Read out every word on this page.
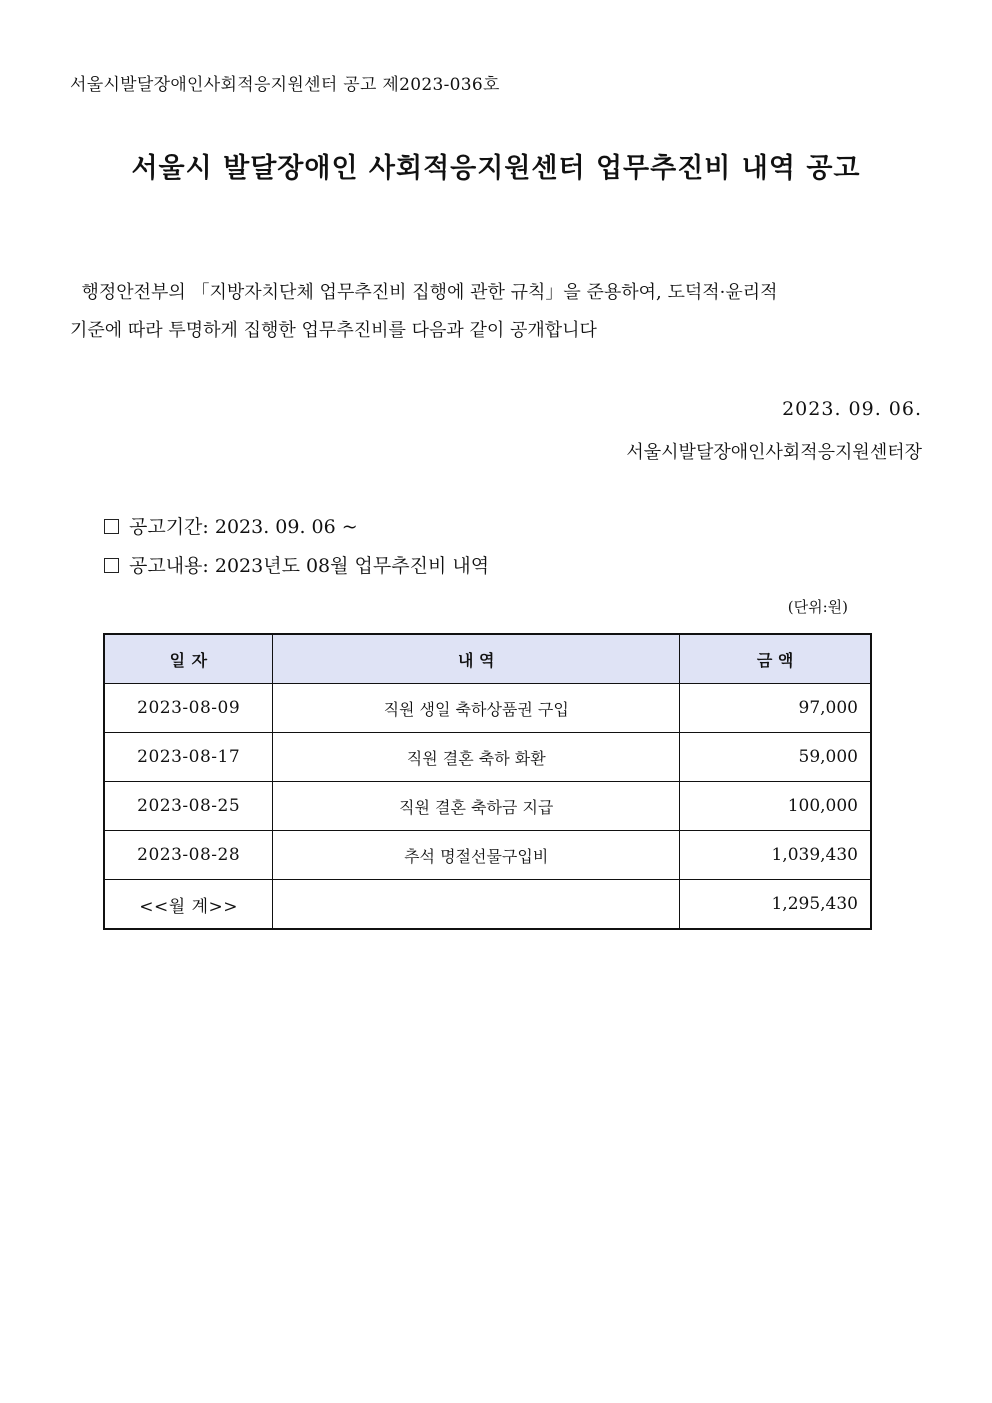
서울시발달장애인사회적응지원센터 공고 제2023-036호
서울시 발달장애인 사회적응지원센터 업무추진비 내역 공고
행정안전부의 「지방자치단체 업무추진비 집행에 관한 규칙」을 준용하여, 도덕적·윤리적
기준에 따라 투명하게 집행한 업무추진비를 다음과 같이 공개합니다
2023. 09. 06.
서울시발달장애인사회적응지원센터장
공고기간: 2023. 09. 06 ~
공고내용: 2023년도 08월 업무추진비 내역
(단위:원)
일 자	내 역	금 액
2023-08-09	직원 생일 축하상품권 구입	97,000
2023-08-17	직원 결혼 축하 화환	59,000
2023-08-25	직원 결혼 축하금 지급	100,000
2023-08-28	추석 명절선물구입비	1,039,430
<<월 계>>		1,295,430
